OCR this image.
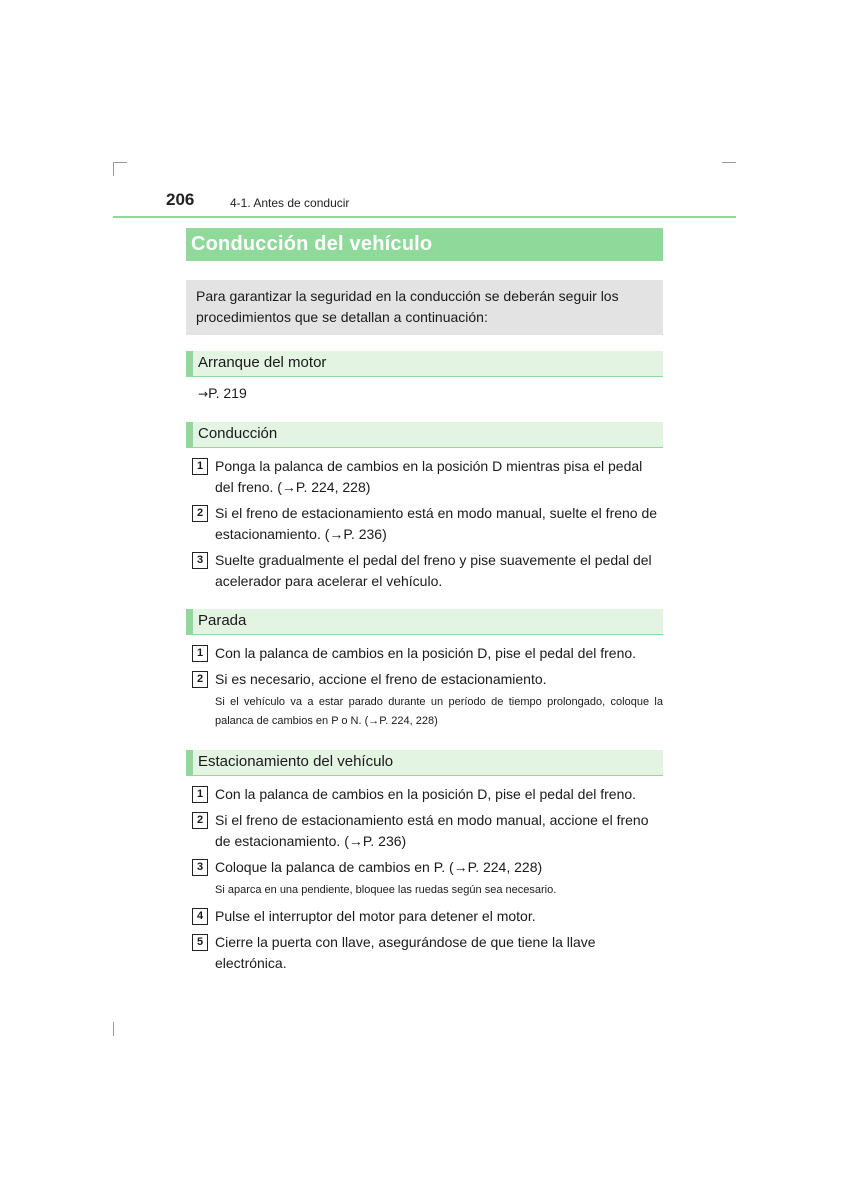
206	4-1. Antes de conducir
Conducción del vehículo
Para garantizar la seguridad en la conducción se deberán seguir los procedimientos que se detallan a continuación:
Arranque del motor
→P. 219
Conducción
1 Ponga la palanca de cambios en la posición D mientras pisa el pedal del freno. (→P. 224, 228)
2 Si el freno de estacionamiento está en modo manual, suelte el freno de estacionamiento. (→P. 236)
3 Suelte gradualmente el pedal del freno y pise suavemente el pedal del acelerador para acelerar el vehículo.
Parada
1 Con la palanca de cambios en la posición D, pise el pedal del freno.
2 Si es necesario, accione el freno de estacionamiento.
Si el vehículo va a estar parado durante un período de tiempo prolongado, coloque la palanca de cambios en P o N. (→P. 224, 228)
Estacionamiento del vehículo
1 Con la palanca de cambios en la posición D, pise el pedal del freno.
2 Si el freno de estacionamiento está en modo manual, accione el freno de estacionamiento. (→P. 236)
3 Coloque la palanca de cambios en P. (→P. 224, 228)
Si aparca en una pendiente, bloquee las ruedas según sea necesario.
4 Pulse el interruptor del motor para detener el motor.
5 Cierre la puerta con llave, asegurándose de que tiene la llave electrónica.
